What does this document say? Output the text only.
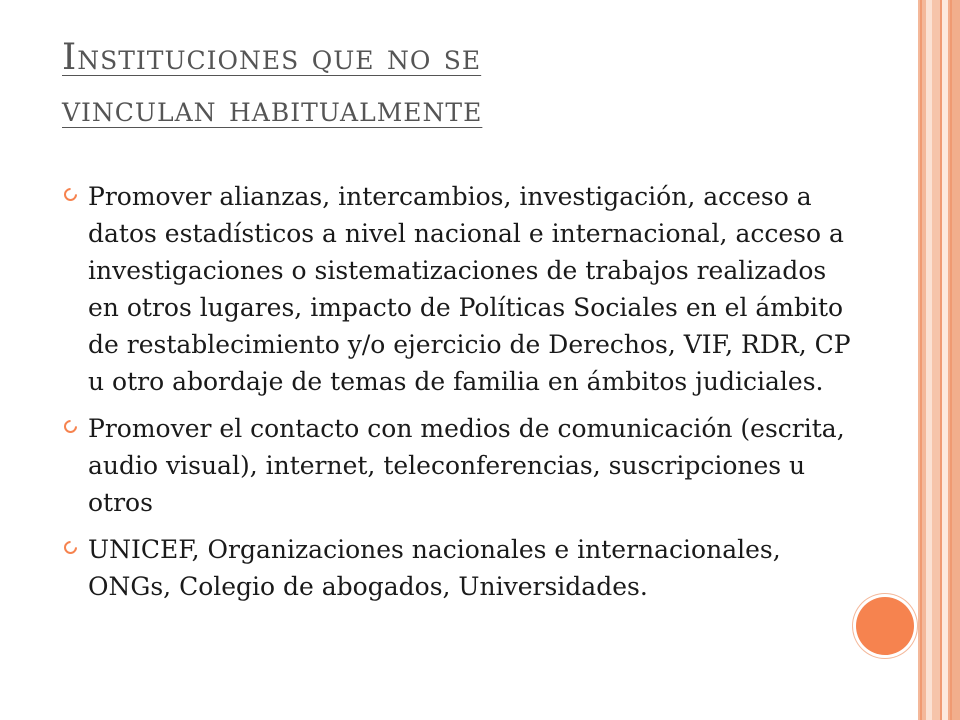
Instituciones que no se
vinculan habitualmente
Promover alianzas, intercambios, investigación, acceso a datos estadísticos a nivel nacional e internacional, acceso a investigaciones o sistematizaciones de trabajos realizados en otros lugares, impacto de Políticas Sociales en el ámbito de restablecimiento y/o ejercicio de Derechos, VIF, RDR, CP u otro abordaje de temas de familia en ámbitos judiciales.
Promover el contacto con medios de comunicación (escrita, audio visual), internet, teleconferencias, suscripciones u otros
UNICEF, Organizaciones nacionales e internacionales, ONGs, Colegio de abogados, Universidades.
